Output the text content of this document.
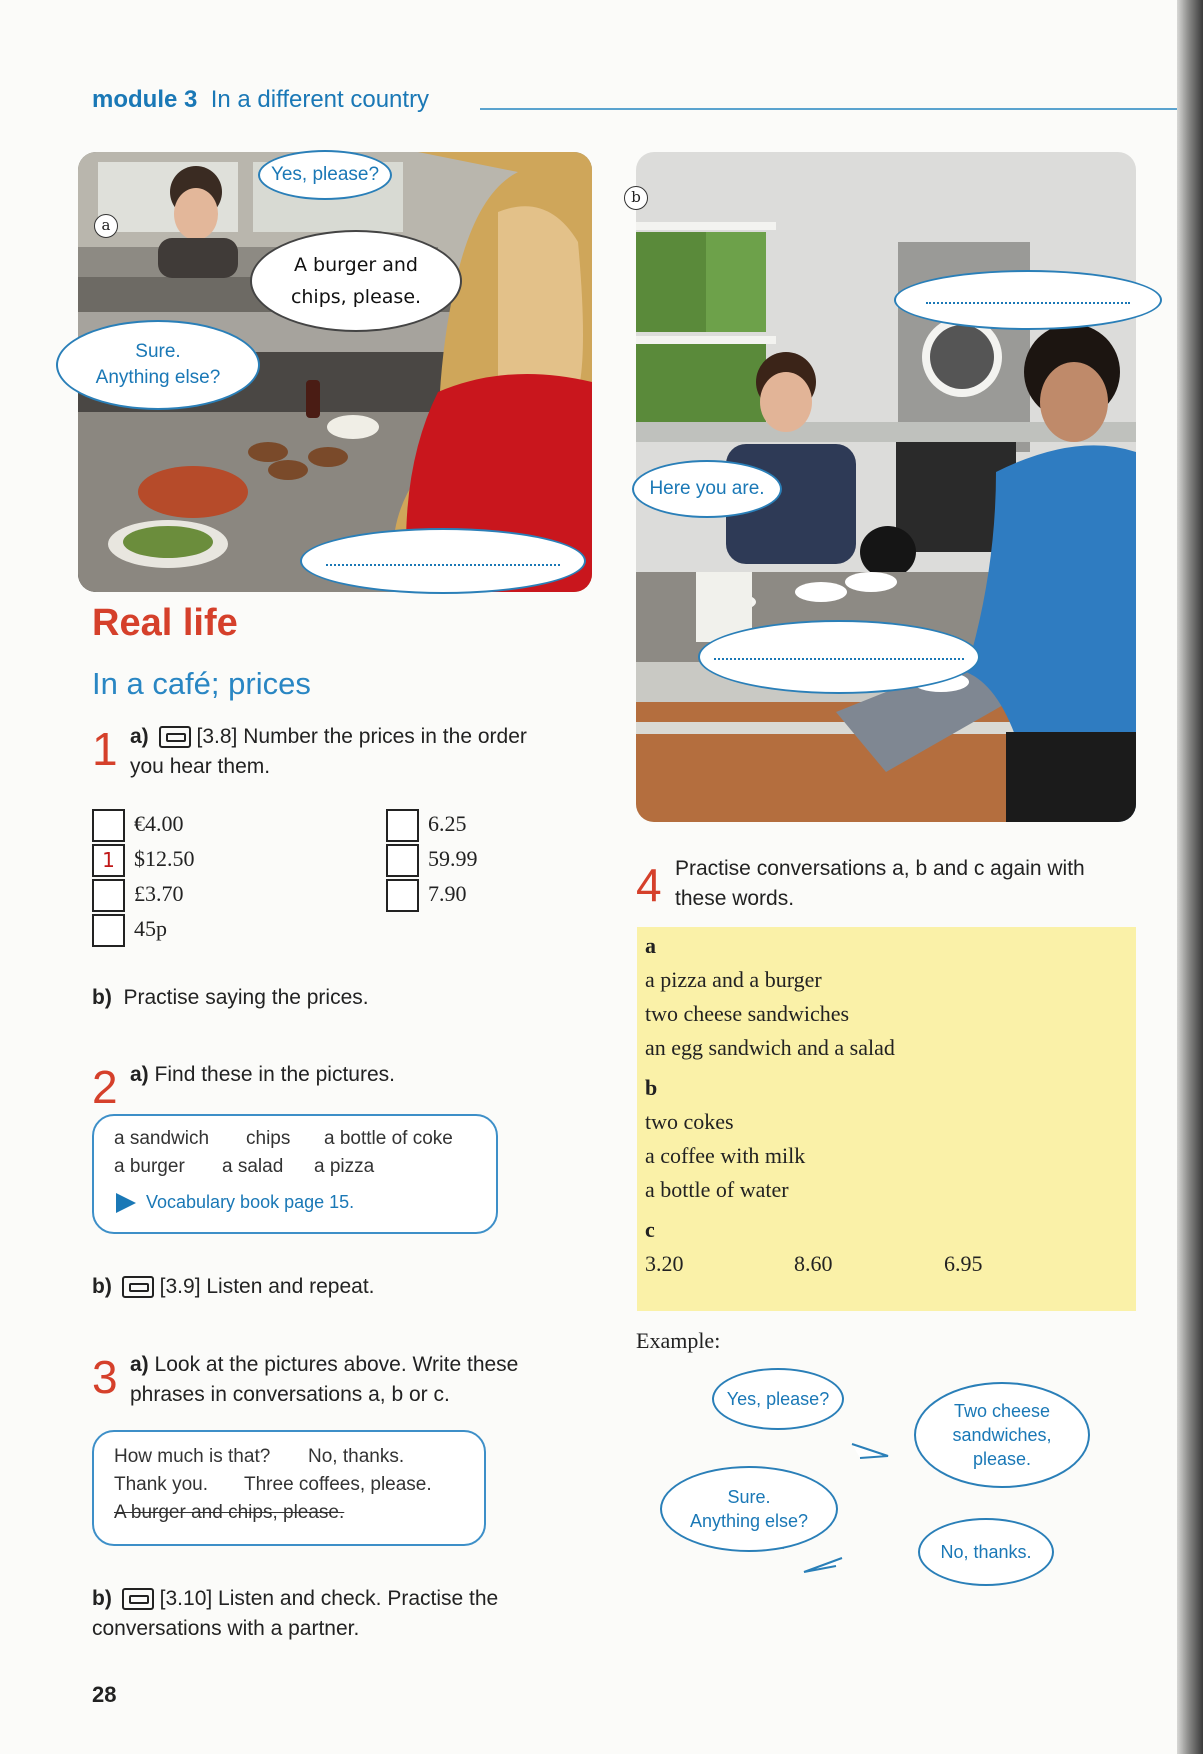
module 3 In a different country
a
Yes, please?
A burger and chips, please.
Sure.
Anything else?
b
Here you are.
Real life
In a café; prices
1 a) [3.8] Number the prices in the order
you hear them.
€4.00
1 $12.50
£3.70
45p
6.25
59.99
7.90
b) Practise saying the prices.
2 a) Find these in the pictures.
a sandwich chips a bottle of coke
a burger a salad a pizza
Vocabulary book page 15.
b) [3.9] Listen and repeat.
3 a) Look at the pictures above. Write these
phrases in conversations a, b or c.
How much is that? No, thanks.
Thank you. Three coffees, please.
A burger and chips, please.
b) [3.10] Listen and check. Practise the
conversations with a partner.
4 Practise conversations a, b and c again with
these words.
a
a pizza and a burger
two cheese sandwiches
an egg sandwich and a salad
b
two cokes
a coffee with milk
a bottle of water
c
3.20	8.60	6.95
Example:
Yes, please?
Two cheese
sandwiches,
please.
Sure.
Anything else?
No, thanks.
28
